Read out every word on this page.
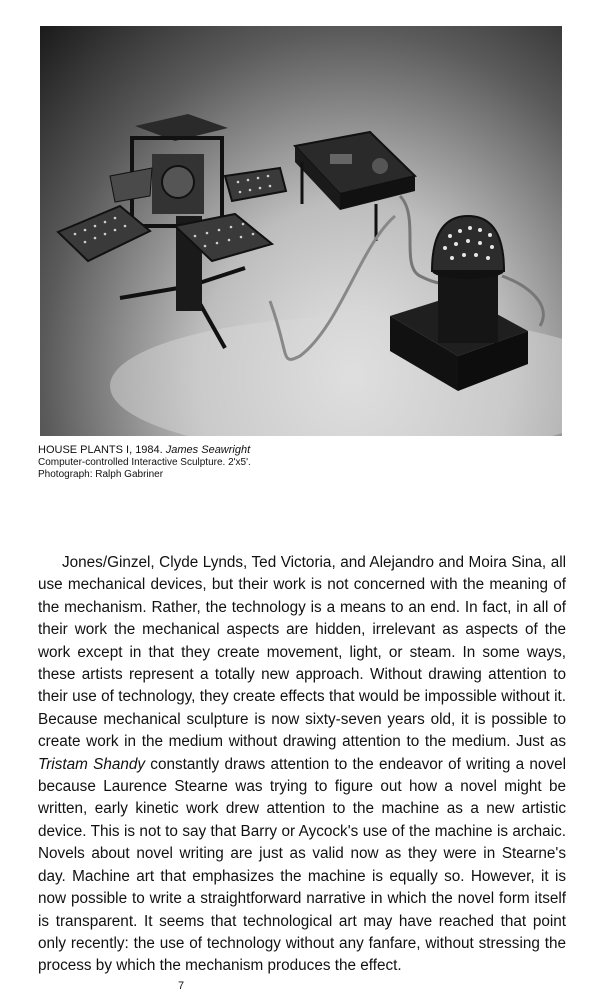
HOUSE PLANTS I, 1984. James Seawright
Computer-controlled Interactive Sculpture. 2'x5'.
Photograph: Ralph Gabriner

Jones/Ginzel, Clyde Lynds, Ted Victoria, and Alejandro and Moira Sina, all use mechanical devices, but their work is not concerned with the meaning of the mechanism. Rather, the technology is a means to an end. In fact, in all of their work the mechanical aspects are hidden, irrelevant as aspects of the work except in that they create movement, light, or steam. In some ways, these artists represent a totally new approach. Without drawing attention to their use of technology, they create effects that would be impossible without it. Because mechanical sculpture is now sixty-seven years old, it is possible to create work in the medium without drawing attention to the medium. Just as Tristam Shandy constantly draws attention to the endeavor of writing a novel because Laurence Stearne was trying to figure out how a novel might be written, early kinetic work drew attention to the machine as a new artistic device. This is not to say that Barry or Aycock's use of the machine is archaic. Novels about novel writing are just as valid now as they were in Stearne's day. Machine art that emphasizes the machine is equally so. However, it is now possible to write a straightforward narrative in which the novel form itself is transparent. It seems that technological art may have reached that point only recently: the use of technology without any fanfare, without stressing the process by which the mechanism produces the effect.

7
